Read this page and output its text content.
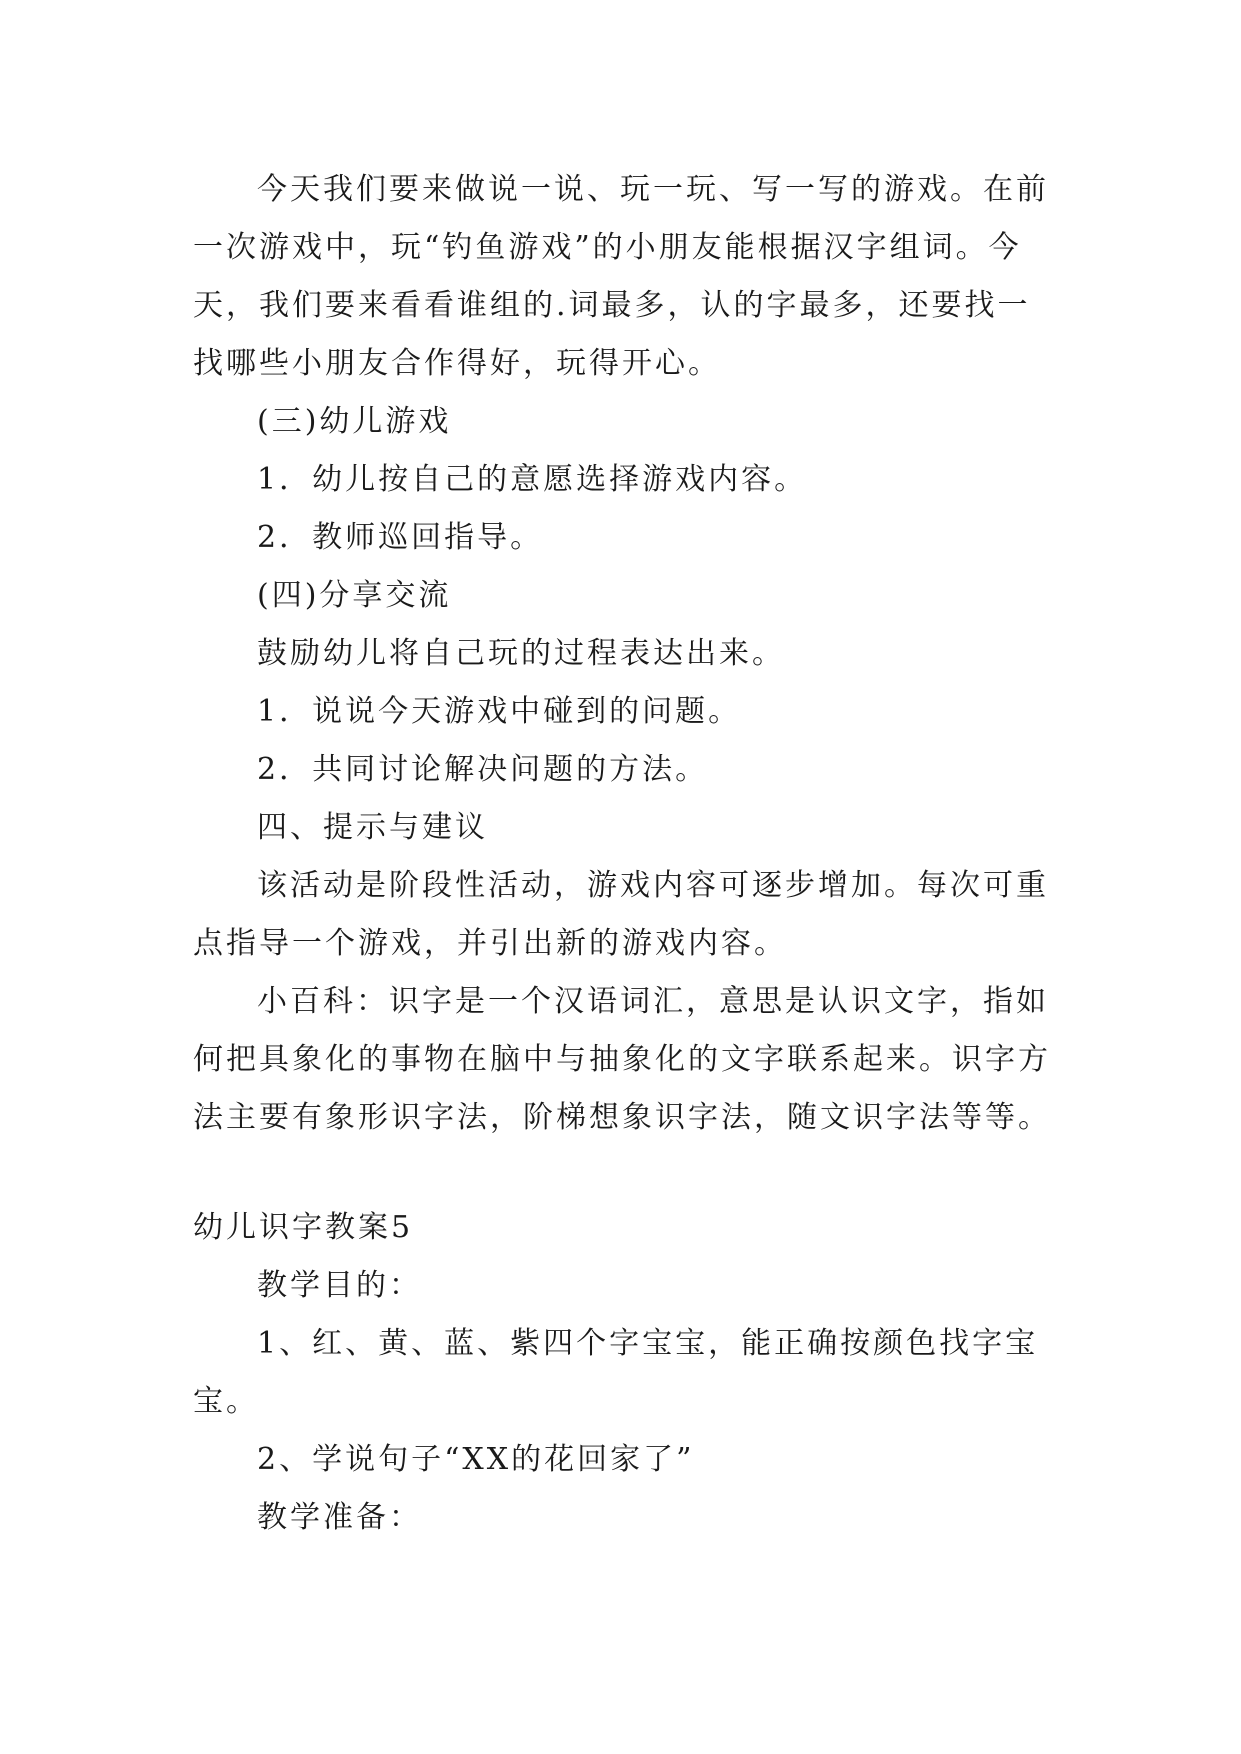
今天我们要来做说一说、玩一玩、写一写的游戏。在前
一次游戏中，玩“钓鱼游戏”的小朋友能根据汉字组词。今
天，我们要来看看谁组的.词最多，认的字最多，还要找一
找哪些小朋友合作得好，玩得开心。
(三)幼儿游戏
1．幼儿按自己的意愿选择游戏内容。
2．教师巡回指导。
(四)分享交流
鼓励幼儿将自己玩的过程表达出来。
1．说说今天游戏中碰到的问题。
2．共同讨论解决问题的方法。
四、提示与建议
该活动是阶段性活动，游戏内容可逐步增加。每次可重
点指导一个游戏，并引出新的游戏内容。
小百科：识字是一个汉语词汇，意思是认识文字，指如
何把具象化的事物在脑中与抽象化的文字联系起来。识字方
法主要有象形识字法，阶梯想象识字法，随文识字法等等。
幼儿识字教案5
教学目的：
1、红、黄、蓝、紫四个字宝宝，能正确按颜色找字宝
宝。
2、学说句子“XX的花回家了”
教学准备：
